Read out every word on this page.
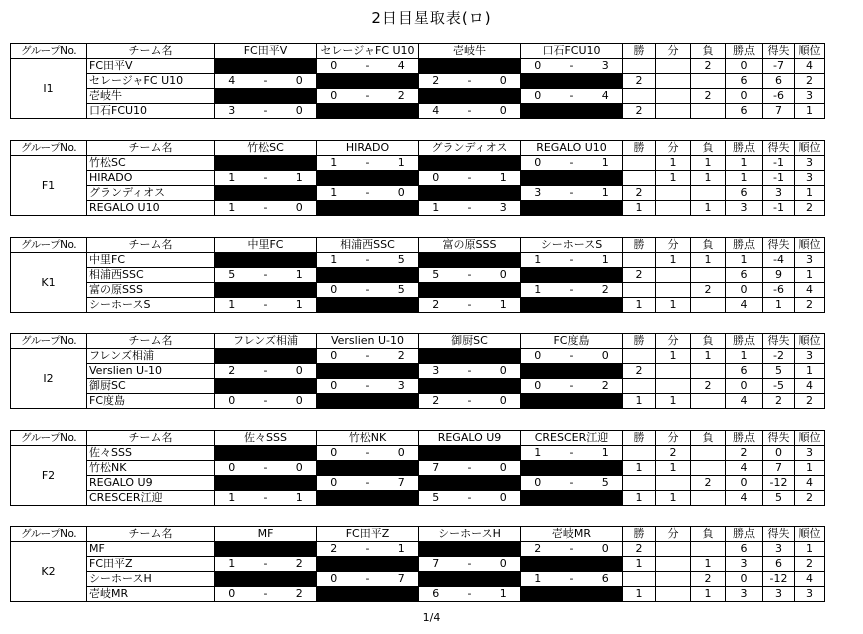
2日目星取表(ロ)
グループNo.	チーム名	FC田平V			セレージャFC U10			壱岐牛			口石FCU10			勝	分	負	勝点	得失	順位
I1	FC田平V				0	-	4				0	-	3			2	0	-7	4
	セレージャFC U10	4	-	0				2	-	0				2			6	6	2
	壱岐牛				0	-	2				0	-	4			2	0	-6	3
	口石FCU10	3	-	0				4	-	0				2			6	7	1
グループNo.	チーム名	竹松SC			HIRADO			グランディオス			REGALO U10			勝	分	負	勝点	得失	順位
F1	竹松SC				1	-	1				0	-	1		1	1	1	-1	3
	HIRADO	1	-	1				0	-	1					1	1	1	-1	3
	グランディオス				1	-	0				3	-	1	2			6	3	1
	REGALO U10	1	-	0				1	-	3				1		1	3	-1	2
グループNo.	チーム名	中里FC			相浦西SSC			富の原SSS			シーホースS			勝	分	負	勝点	得失	順位
K1	中里FC				1	-	5				1	-	1		1	1	1	-4	3
	相浦西SSC	5	-	1				5	-	0				2			6	9	1
	富の原SSS				0	-	5				1	-	2			2	0	-6	4
	シーホースS	1	-	1				2	-	1				1	1		4	1	2
グループNo.	チーム名	フレンズ相浦			Verslien U-10			御厨SC			FC度島			勝	分	負	勝点	得失	順位
I2	フレンズ相浦				0	-	2				0	-	0		1	1	1	-2	3
	Verslien U-10	2	-	0				3	-	0				2			6	5	1
	御厨SC				0	-	3				0	-	2			2	0	-5	4
	FC度島	0	-	0				2	-	0				1	1		4	2	2
グループNo.	チーム名	佐々SSS			竹松NK			REGALO U9			CRESCER江迎			勝	分	負	勝点	得失	順位
F2	佐々SSS				0	-	0				1	-	1		2		2	0	3
	竹松NK	0	-	0				7	-	0				1	1		4	7	1
	REGALO U9				0	-	7				0	-	5			2	0	-12	4
	CRESCER江迎	1	-	1				5	-	0				1	1		4	5	2
グループNo.	チーム名	MF			FC田平Z			シーホースH			壱岐MR			勝	分	負	勝点	得失	順位
K2	MF				2	-	1				2	-	0	2			6	3	1
	FC田平Z	1	-	2				7	-	0				1		1	3	6	2
	シーホースH				0	-	7				1	-	6			2	0	-12	4
	壱岐MR	0	-	2				6	-	1				1		1	3	3	3
1/4
